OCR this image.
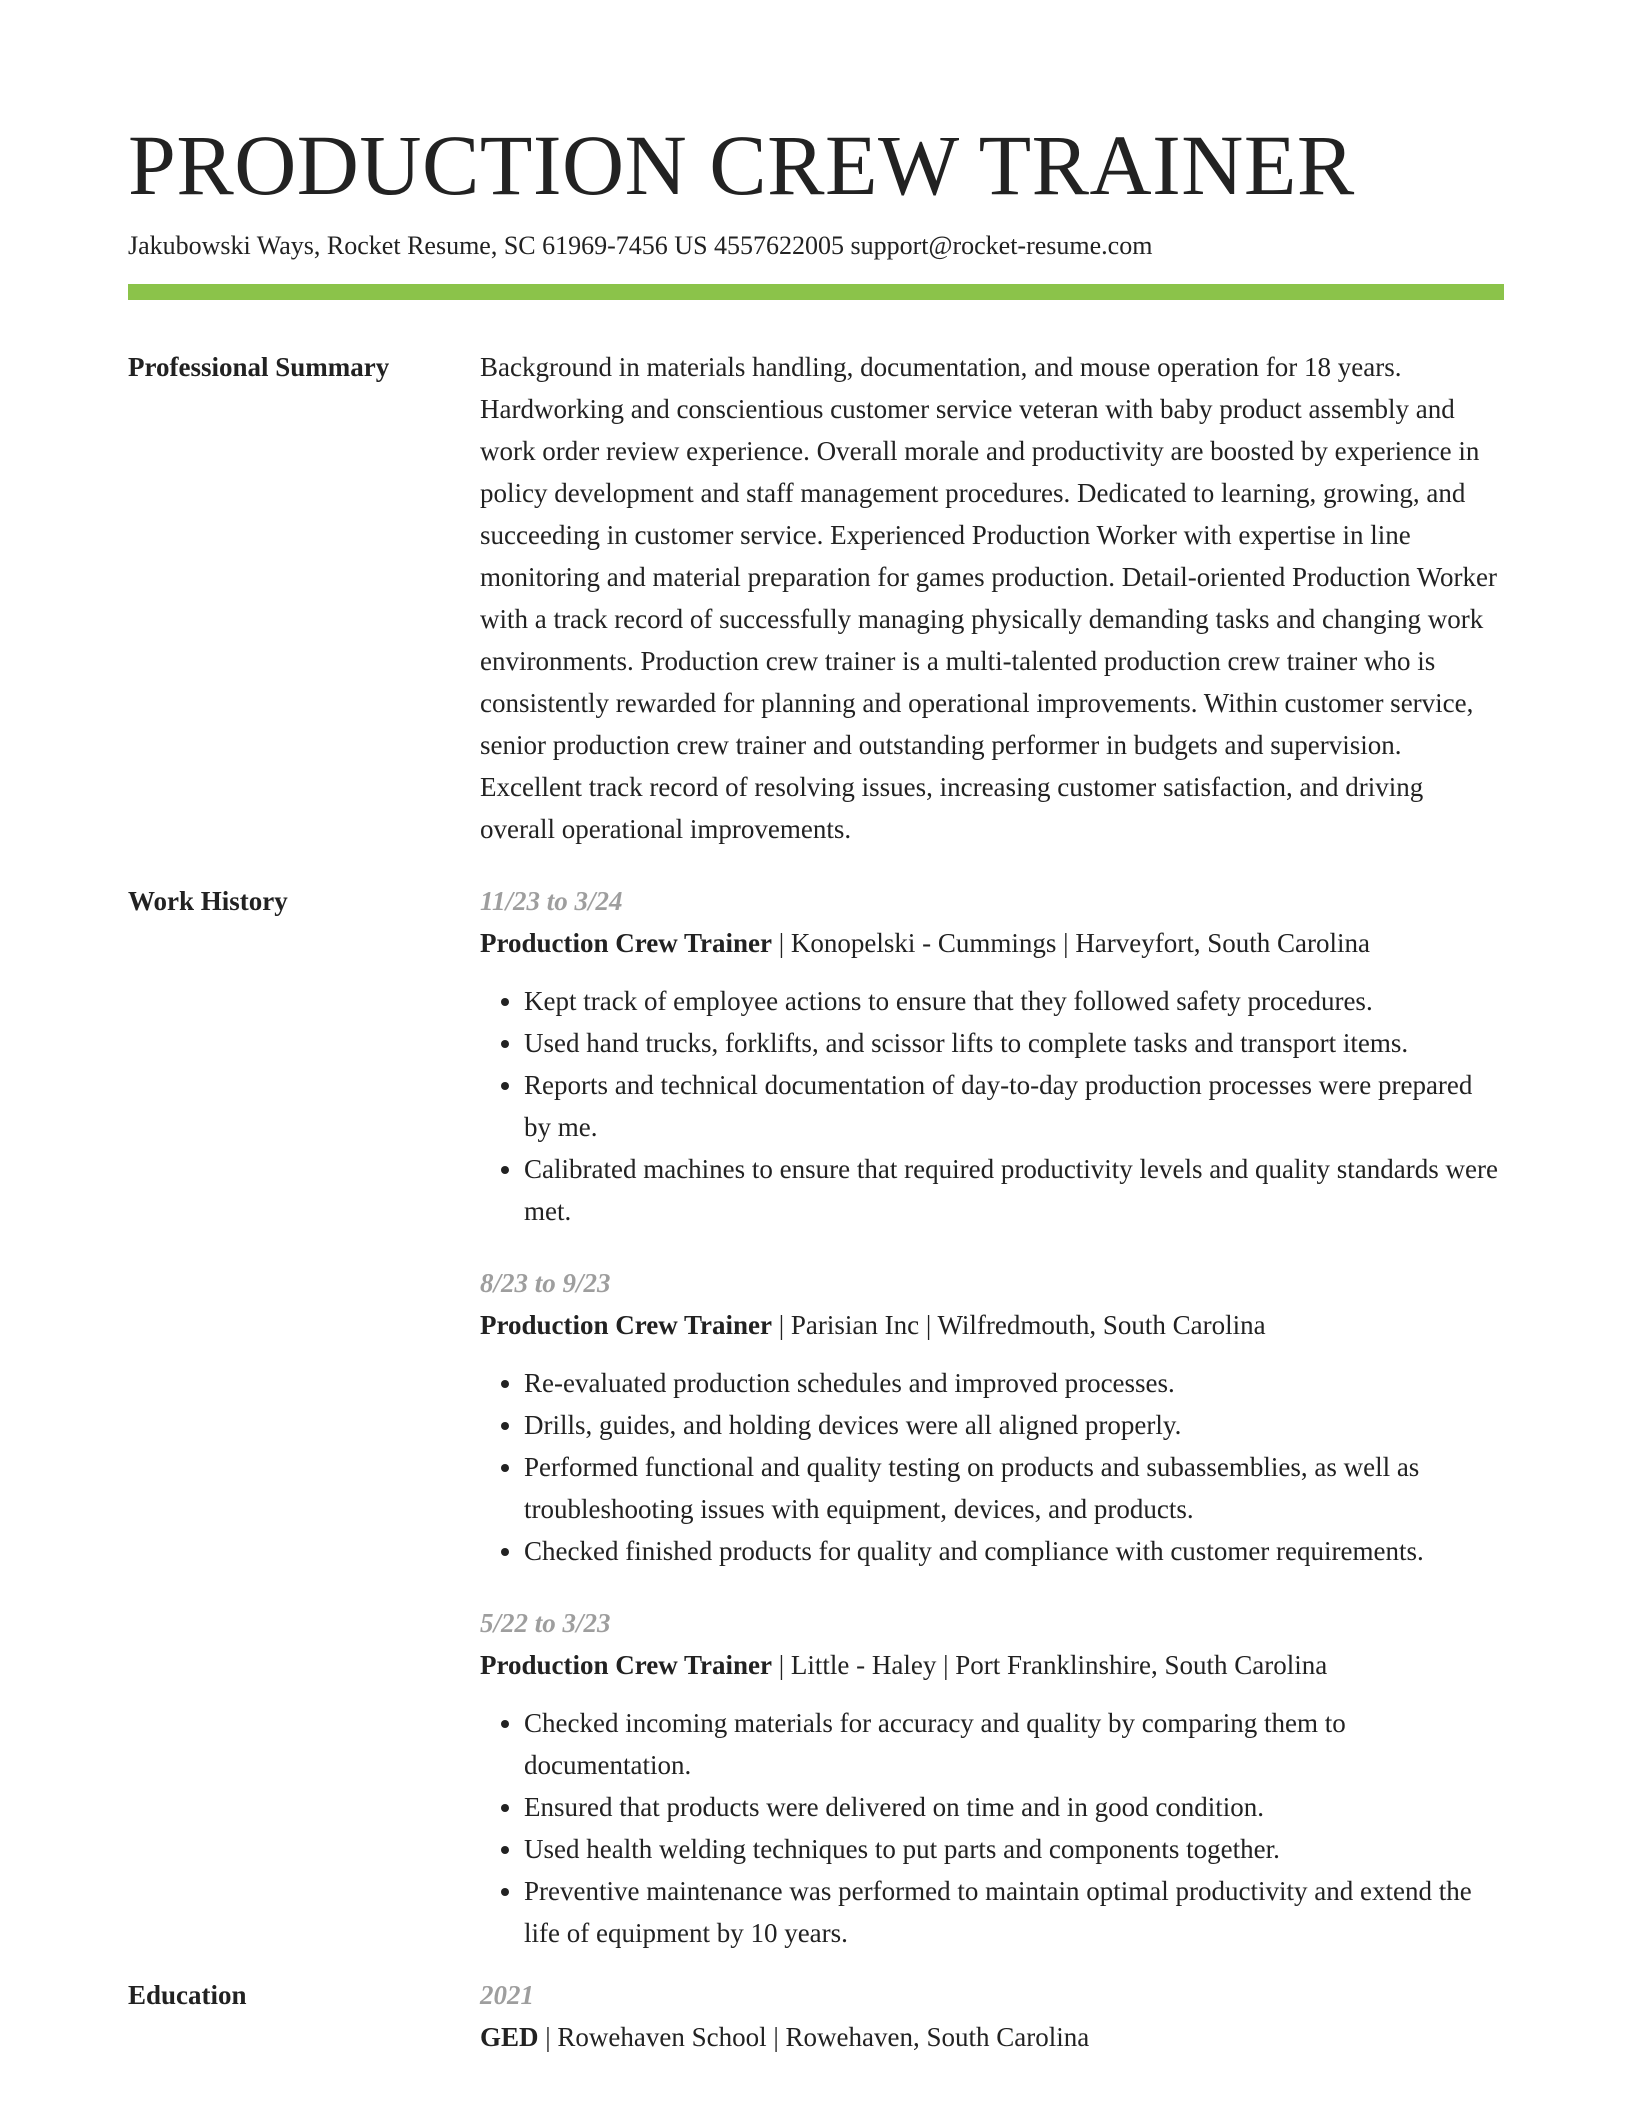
PRODUCTION CREW TRAINER
Jakubowski Ways, Rocket Resume, SC 61969-7456 US 4557622005 support@rocket-resume.com
Professional Summary	Background in materials handling, documentation, and mouse operation for 18 years. Hardworking and conscientious customer service veteran with baby product assembly and work order review experience. Overall morale and productivity are boosted by experience in policy development and staff management procedures. Dedicated to learning, growing, and succeeding in customer service. Experienced Production Worker with expertise in line monitoring and material preparation for games production. Detail-oriented Production Worker with a track record of successfully managing physically demanding tasks and changing work environments. Production crew trainer is a multi-talented production crew trainer who is consistently rewarded for planning and operational improvements. Within customer service, senior production crew trainer and outstanding performer in budgets and supervision. Excellent track record of resolving issues, increasing customer satisfaction, and driving overall operational improvements.
Work History	11/23 to 3/24
Production Crew Trainer | Konopelski - Cummings | Harveyfort, South Carolina
• Kept track of employee actions to ensure that they followed safety procedures.
• Used hand trucks, forklifts, and scissor lifts to complete tasks and transport items.
• Reports and technical documentation of day-to-day production processes were prepared by me.
• Calibrated machines to ensure that required productivity levels and quality standards were met.
8/23 to 9/23
Production Crew Trainer | Parisian Inc | Wilfredmouth, South Carolina
• Re-evaluated production schedules and improved processes.
• Drills, guides, and holding devices were all aligned properly.
• Performed functional and quality testing on products and subassemblies, as well as troubleshooting issues with equipment, devices, and products.
• Checked finished products for quality and compliance with customer requirements.
5/22 to 3/23
Production Crew Trainer | Little - Haley | Port Franklinshire, South Carolina
• Checked incoming materials for accuracy and quality by comparing them to documentation.
• Ensured that products were delivered on time and in good condition.
• Used health welding techniques to put parts and components together.
• Preventive maintenance was performed to maintain optimal productivity and extend the life of equipment by 10 years.
Education	2021
GED | Rowehaven School | Rowehaven, South Carolina
